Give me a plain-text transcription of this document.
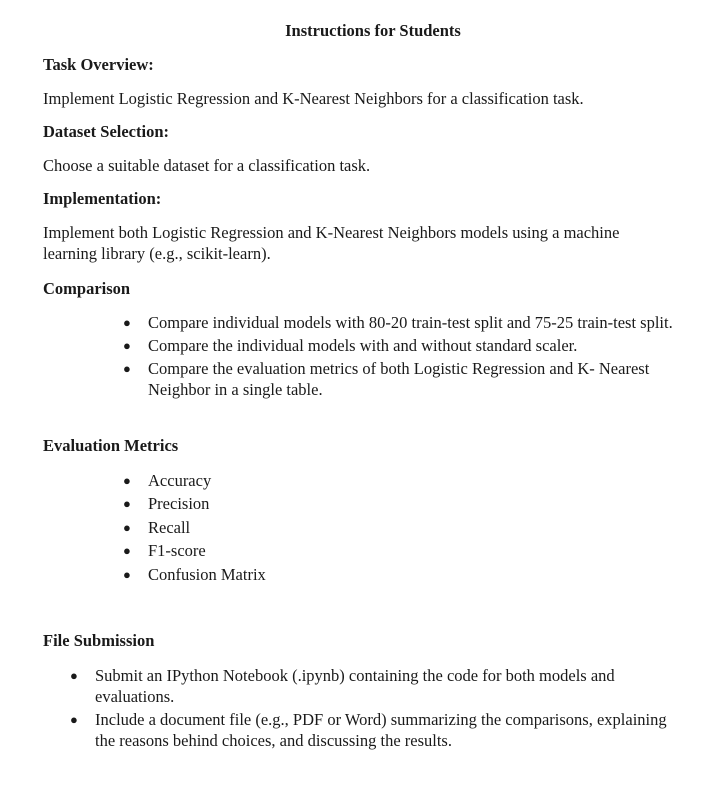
Instructions for Students
Task Overview:
Implement Logistic Regression and K-Nearest Neighbors for a classification task.
Dataset Selection:
Choose a suitable dataset for a classification task.
Implementation:
Implement both Logistic Regression and K-Nearest Neighbors models using a machine learning library (e.g., scikit-learn).
Comparison
● Compare individual models with 80-20 train-test split and 75-25 train-test split.
● Compare the individual models with and without standard scaler.
● Compare the evaluation metrics of both Logistic Regression and K- Nearest Neighbor in a single table.
Evaluation Metrics
● Accuracy
● Precision
● Recall
● F1-score
● Confusion Matrix
File Submission
● Submit an IPython Notebook (.ipynb) containing the code for both models and evaluations.
● Include a document file (e.g., PDF or Word) summarizing the comparisons, explaining the reasons behind choices, and discussing the results.
